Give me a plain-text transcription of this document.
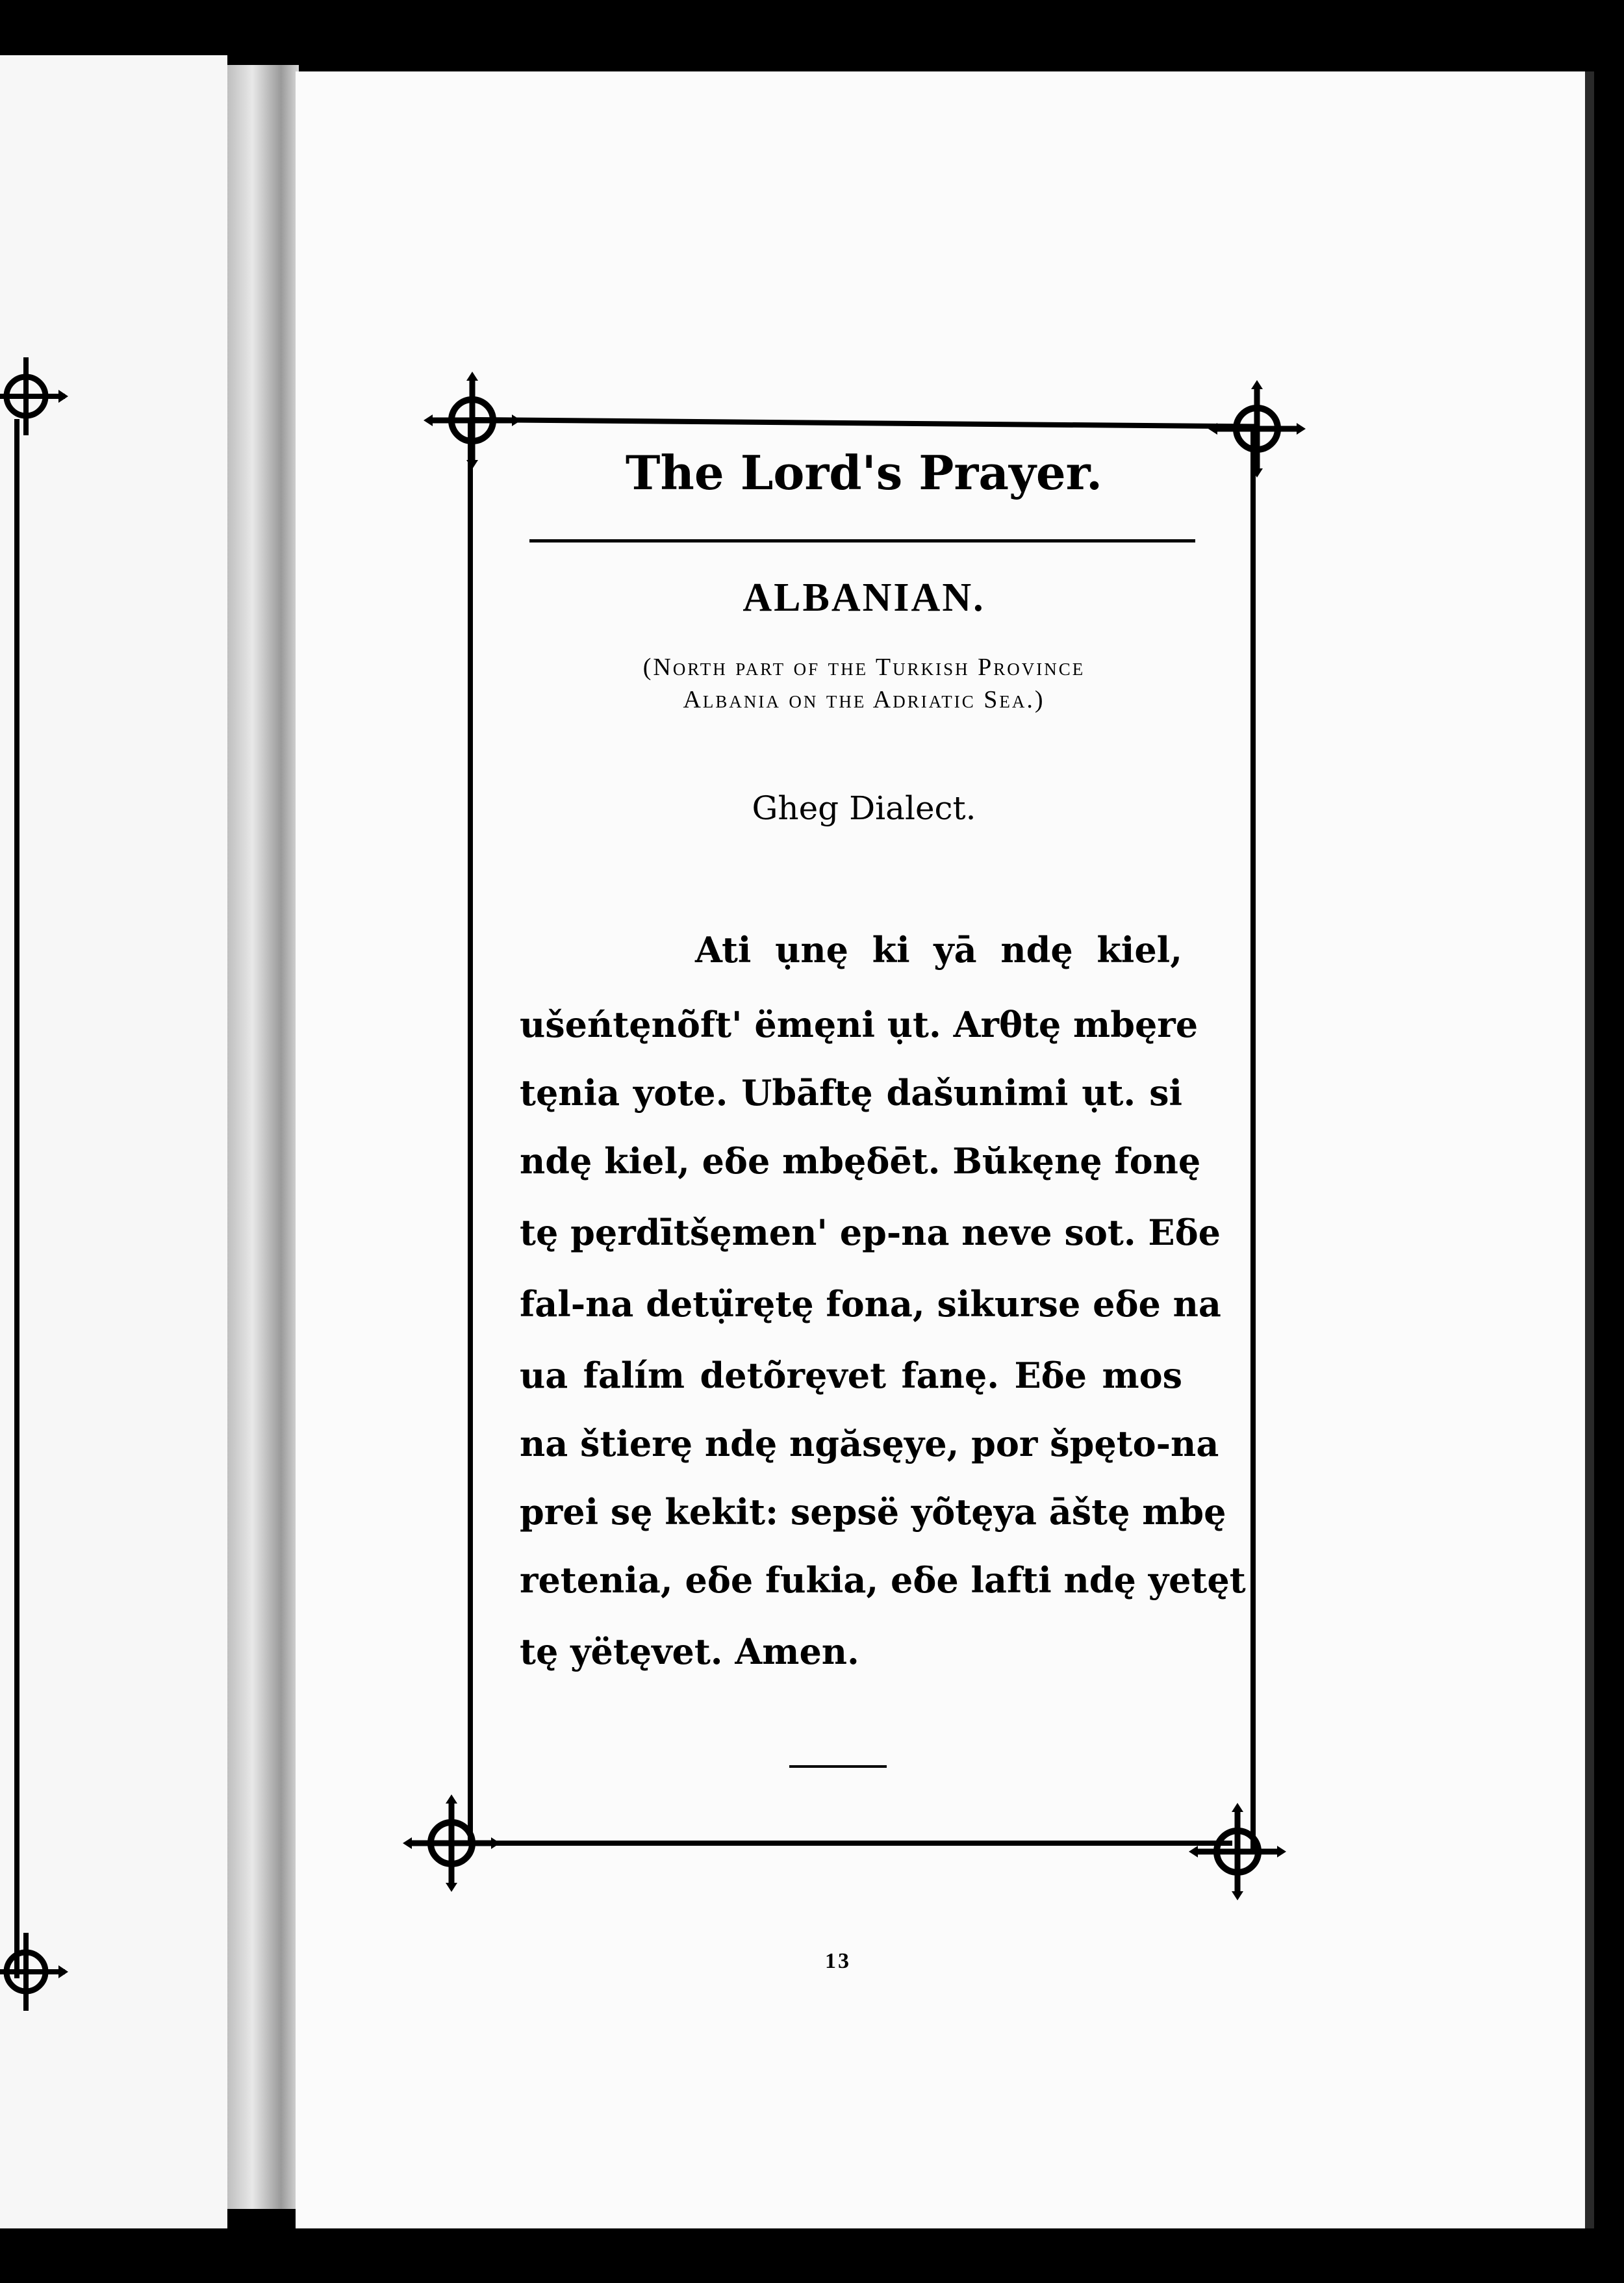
The Lord's Prayer.
ALBANIAN.
(North part of the Turkish Province
Albania on the Adriatic Sea.)
Gheg Dialect.
Ati ụnę ki yā ndę kiel,
ušeńtęnõft' ëmęni ụt. Arθtę mbęre
tęnia yote. Ubāftę dašunimi ụt. si
ndę kiel, eδe mbęδēt. Bŭkęnę fonę
tę pęrdītšęmen' ep-na neve sot. Eδe
fal-na detụ̈rętę fona, sikurse eδe na
ua falím detõręvet fanę. Eδe mos
na štierę ndę ngăsęye, por špęto-na
prei sę kekit: sepsë yõtęya āštę mbę
retenia, eδe fukia, eδe lafti ndę yetęt
tę yëtęvet. Amen.
13
